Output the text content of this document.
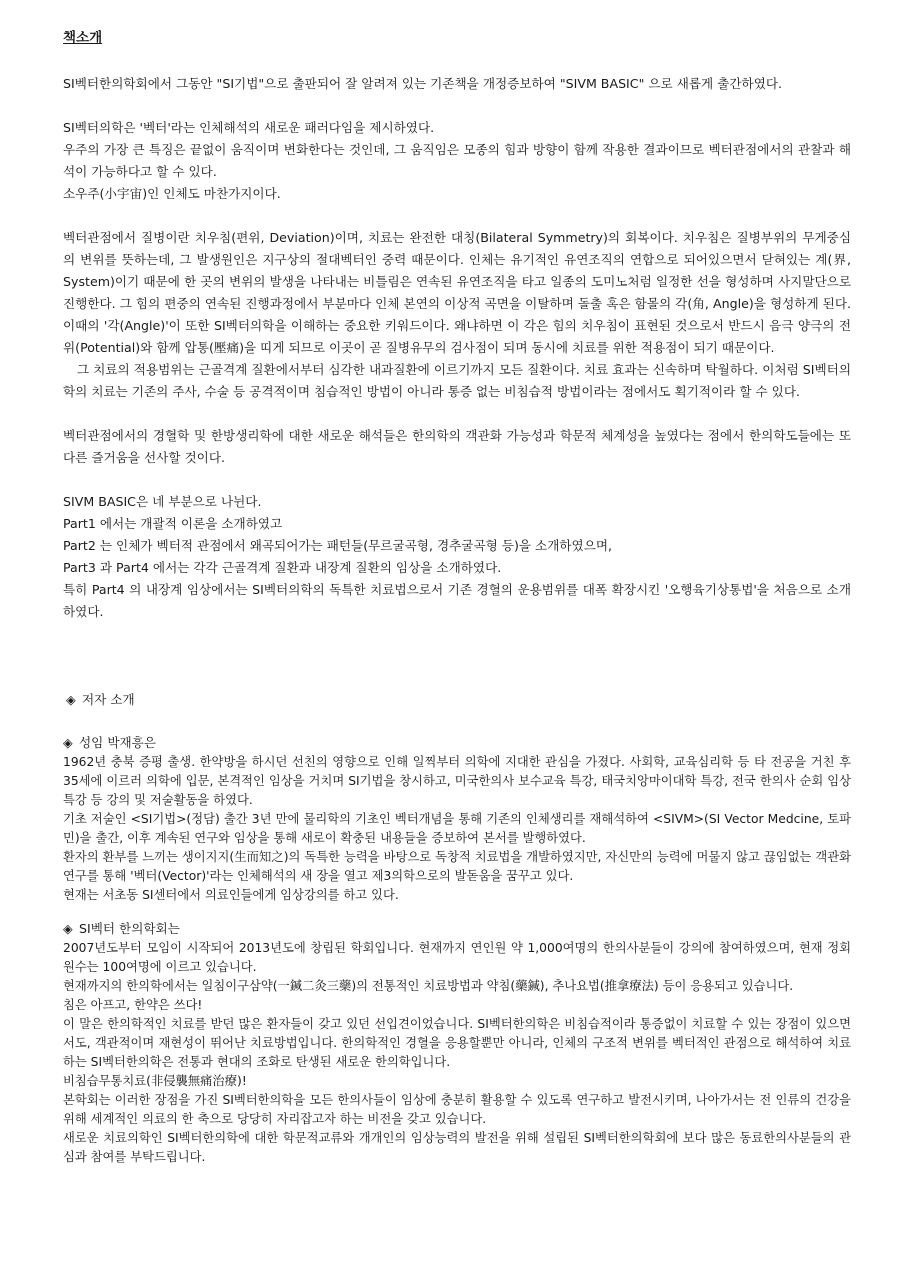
책소개

SI벡터한의학회에서 그동안 "SI기법"으로 출판되어 잘 알려져 있는 기존책을 개정증보하여 "SIVM BASIC" 으로 새롭게 출간하였다.

SI벡터의학은 '벡터'라는 인체해석의 새로운 패러다임을 제시하였다.

우주의 가장 큰 특징은 끝없이 움직이며 변화한다는 것인데, 그 움직임은 모종의 힘과 방향이 함께 작용한 결과이므로 벡터관점에서의 관찰과 해석이 가능하다고 할 수 있다.

소우주(小宇宙)인 인체도 마찬가지이다.

벡터관점에서 질병이란 치우침(편위, Deviation)이며, 치료는 완전한 대칭(Bilateral Symmetry)의 회복이다. 치우침은 질병부위의 무게중심의 변위를 뜻하는데, 그 발생원인은 지구상의 절대벡터인 중력 때문이다. 인체는 유기적인 유연조직의 연합으로 되어있으면서 닫혀있는 계(界, System)이기 때문에 한 곳의 변위의 발생을 나타내는 비틀림은 연속된 유연조직을 타고 일종의 도미노처럼 일정한 선을 형성하며 사지말단으로 진행한다. 그 힘의 편중의 연속된 진행과정에서 부분마다 인체 본연의 이상적 곡면을 이탈하며 돌출 혹은 함몰의 각(角, Angle)을 형성하게 된다. 이때의 '각(Angle)'이 또한 SI벡터의학을 이해하는 중요한 키워드이다. 왜냐하면 이 각은 힘의 치우침이 표현된 것으로서 반드시 음극 양극의 전위(Potential)와 함께 압통(壓痛)을 띠게 되므로 이곳이 곧 질병유무의 검사점이 되며 동시에 치료를 위한 적용점이 되기 때문이다.

그 치료의 적용범위는 근골격계 질환에서부터 심각한 내과질환에 이르기까지 모든 질환이다. 치료 효과는 신속하며 탁월하다. 이처럼 SI벡터의학의 치료는 기존의 주사, 수술 등 공격적이며 침습적인 방법이 아니라 통증 없는 비침습적 방법이라는 점에서도 획기적이라 할 수 있다.

벡터관점에서의 경혈학 및 한방생리학에 대한 새로운 해석들은 한의학의 객관화 가능성과 학문적 체계성을 높였다는 점에서 한의학도들에는 또 다른 즐거움을 선사할 것이다.

SIVM BASIC은 네 부분으로 나뉜다.

Part1 에서는 개괄적 이론을 소개하였고

Part2 는 인체가 벡터적 관점에서 왜곡되어가는 패턴들(무르굴곡형, 경추굴곡형 등)을 소개하였으며,

Part3 과 Part4 에서는 각각 근골격계 질환과 내장계 질환의 임상을 소개하였다.

특히 Part4 의 내장계 임상에서는 SI벡터의학의 독특한 치료법으로서 기존 경혈의 운용범위를 대폭 확장시킨 '오행육기상통법'을 처음으로 소개하였다.

◈ 저자 소개

◈ 성임 박재흥은

1962년 충북 증평 출생. 한약방을 하시던 선친의 영향으로 인해 일찍부터 의학에 지대한 관심을 가졌다. 사회학, 교육심리학 등 타 전공을 거친 후 35세에 이르러 의학에 입문, 본격적인 임상을 거치며 SI기법을 창시하고, 미국한의사 보수교육 특강, 태국치앙마이대학 특강, 전국 한의사 순회 임상특강 등 강의 및 저술활동을 하였다.

기초 저술인 <SI기법>(정담) 출간 3년 만에 물리학의 기초인 벡터개념을 통해 기존의 인체생리를 재해석하여 <SIVM>(SI Vector Medcine, 토파민)을 출간, 이후 계속된 연구와 임상을 통해 새로이 확충된 내용들을 증보하여 본서를 발행하였다.

환자의 환부를 느끼는 생이지지(生而知之)의 독특한 능력을 바탕으로 독창적 치료법을 개발하였지만, 자신만의 능력에 머물지 않고 끊임없는 객관화연구를 통해 '벡터(Vector)'라는 인체해석의 새 장을 열고 제3의학으로의 발돋움을 꿈꾸고 있다.

현재는 서초동 SI센터에서 의료인들에게 임상강의를 하고 있다.

◈ SI벡터 한의학회는

2007년도부터 모임이 시작되어 2013년도에 창립된 학회입니다. 현재까지 연인원 약 1,000여명의 한의사분들이 강의에 참여하였으며, 현재 정회원수는 100여명에 이르고 있습니다.

현재까지의 한의학에서는 일침이구삼약(一鍼二灸三藥)의 전통적인 치료방법과 약침(藥鍼), 추나요법(推拿療法) 등이 응용되고 있습니다.

침은 아프고, 한약은 쓰다!

이 말은 한의학적인 치료를 받던 많은 환자들이 갖고 있던 선입견이었습니다. SI벡터한의학은 비침습적이라 통증없이 치료할 수 있는 장점이 있으면서도, 객관적이며 재현성이 뛰어난 치료방법입니다. 한의학적인 경혈을 응용할뿐만 아니라, 인체의 구조적 변위를 벡터적인 관점으로 해석하여 치료하는 SI벡터한의학은 전통과 현대의 조화로 탄생된 새로운 한의학입니다.

비침습무통치료(非侵襲無痛治療)!

본학회는 이러한 장점을 가진 SI벡터한의학을 모든 한의사들이 임상에 충분히 활용할 수 있도록 연구하고 발전시키며, 나아가서는 전 인류의 건강을 위해 세계적인 의료의 한 축으로 당당히 자리잡고자 하는 비전을 갖고 있습니다.

새로운 치료의학인 SI벡터한의학에 대한 학문적교류와 개개인의 임상능력의 발전을 위해 설립된 SI벡터한의학회에 보다 많은 동료한의사분들의 관심과 참여를 부탁드립니다.
